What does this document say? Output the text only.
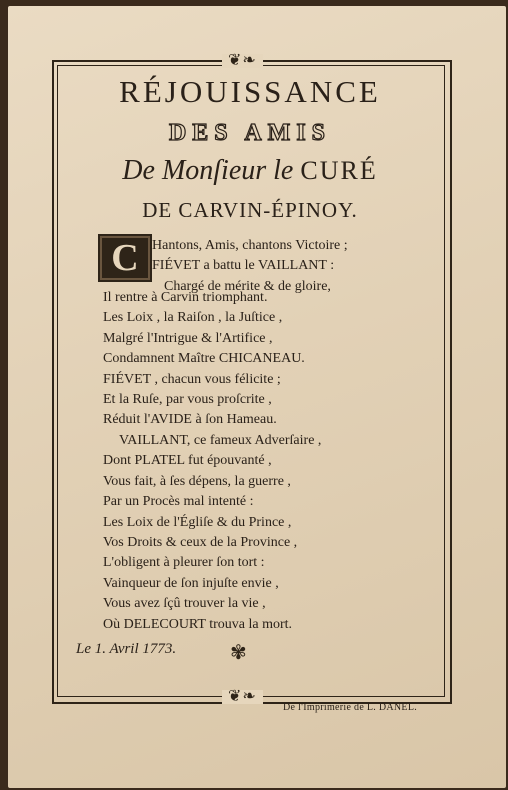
❦❧
❦❧
RÉJOUISSANCE
DES AMIS
De Monſieur le CURÉ
DE CARVIN-ÉPINOY.
C Hantons, Amis, chantons Victoire ;
FIÉVET a battu le VAILLANT :
Chargé de mérite & de gloire,
Il rentre à Carvin triomphant.
Les Loix , la Raiſon , la Juſtice ,
Malgré l'Intrigue & l'Artifice ,
Condamnent Maître CHICANEAU.
FIÉVET , chacun vous félicite ;
Et la Ruſe, par vous proſcrite ,
Réduit l'AVIDE à ſon Hameau.
VAILLANT, ce fameux Adverſaire ,
Dont PLATEL fut épouvanté ,
Vous fait, à ſes dépens, la guerre ,
Par un Procès mal intenté :
Les Loix de l'Égliſe & du Prince ,
Vos Droits & ceux de la Province ,
L'obligent à pleurer ſon tort :
Vainqueur de ſon injuſte envie ,
Vous avez ſçû trouver la vie ,
Où DELECOURT trouva la mort.
Le 1. Avril 1773.	✾
De l'Imprimerie de L. DANEL.
